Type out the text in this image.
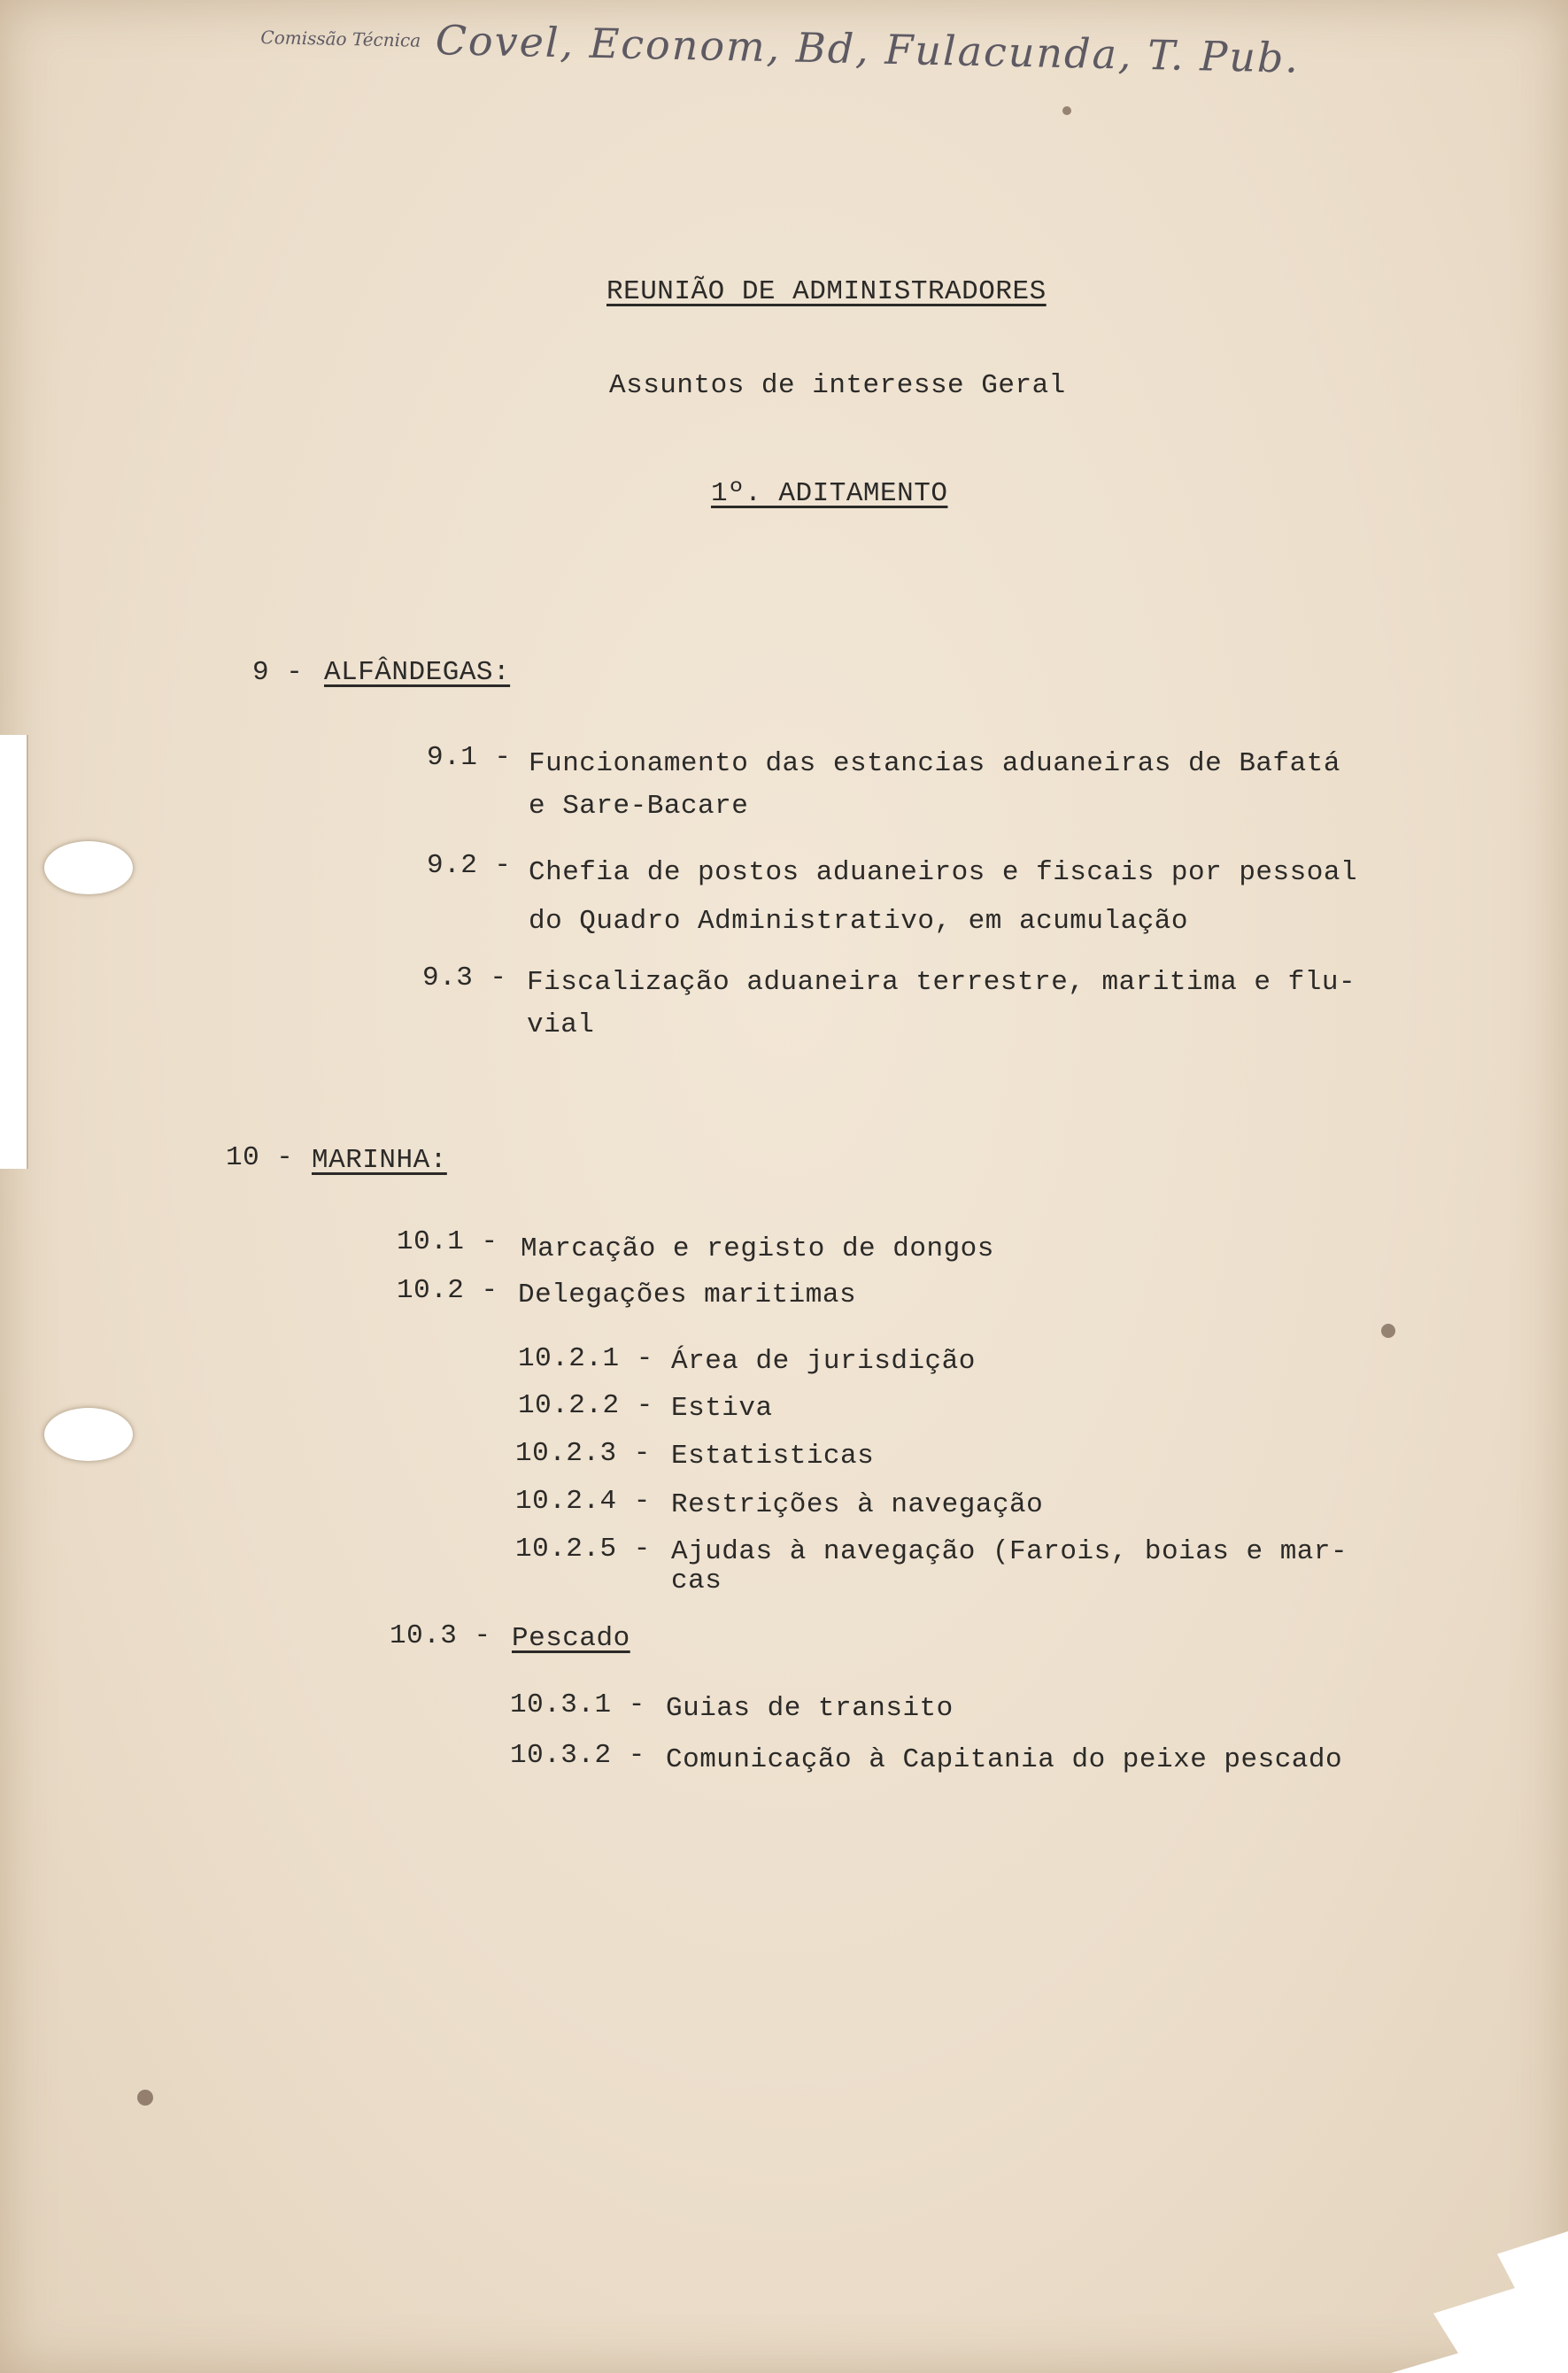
Comissão Técnica Covel, Econom, Bd, Fulacunda, T. Pub.
REUNIÃO DE ADMINISTRADORES
Assuntos de interesse Geral
1º. ADITAMENTO
9 - ALFÂNDEGAS:
9.1 - Funcionamento das estancias aduaneiras de Bafatá
e Sare-Bacare
9.2 - Chefia de postos aduaneiros e fiscais por pessoal
do Quadro Administrativo, em acumulação
9.3 - Fiscalização aduaneira terrestre, maritima e flu-
vial
10 - MARINHA:
10.1 - Marcação e registo de dongos
10.2 - Delegações maritimas
10.2.1 - Área de jurisdição
10.2.2 - Estiva
10.2.3 - Estatisticas
10.2.4 - Restrições à navegação
10.2.5 - Ajudas à navegação (Farois, boias e mar-
cas
10.3 - Pescado
10.3.1 - Guias de transito
10.3.2 - Comunicação à Capitania do peixe pescado
